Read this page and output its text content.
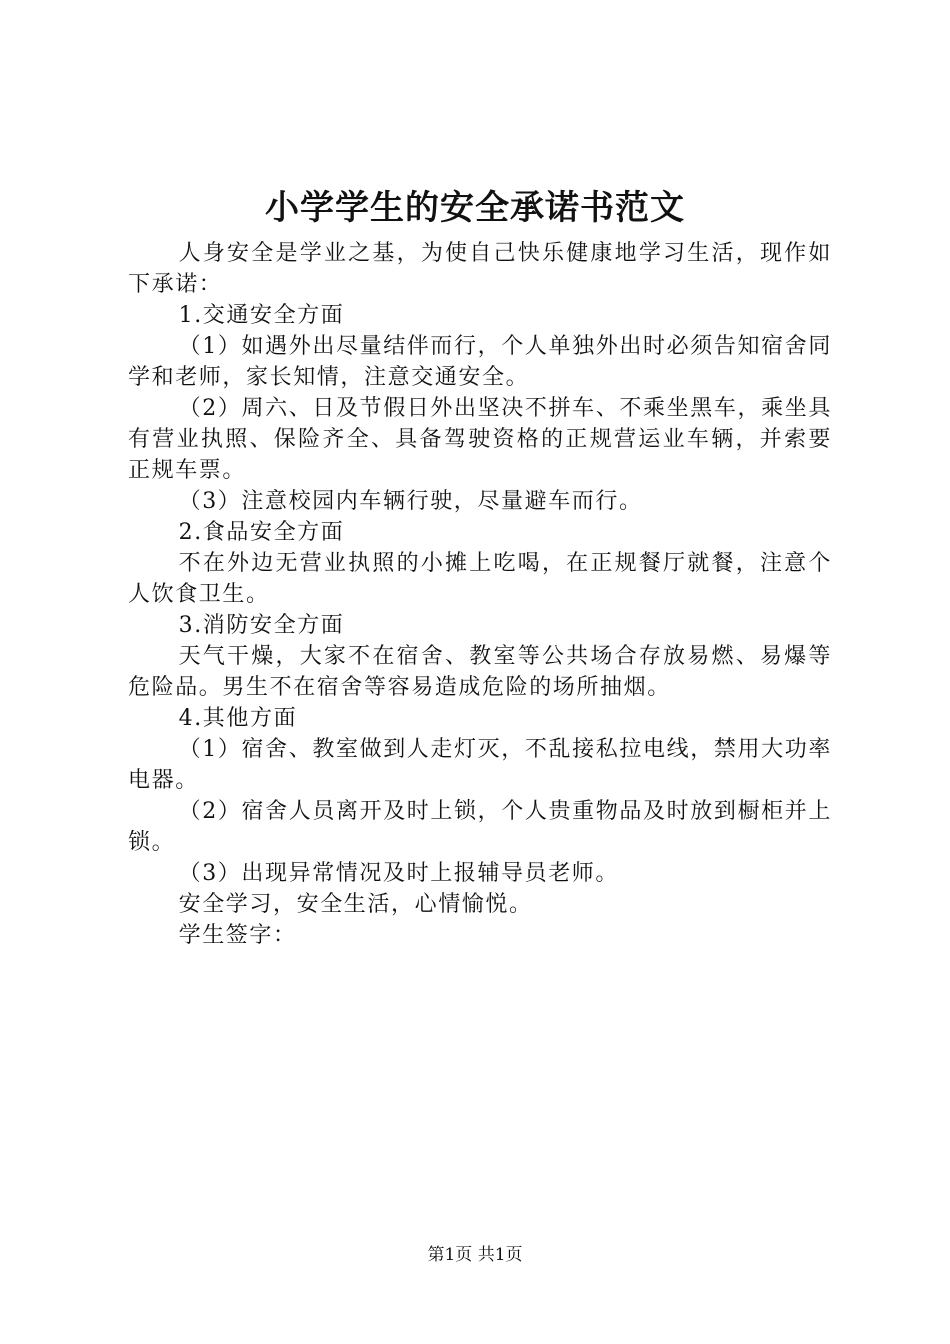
小学学生的安全承诺书范文

人身安全是学业之基，为使自己快乐健康地学习生活，现作如下承诺：

1.交通安全方面

（1）如遇外出尽量结伴而行，个人单独外出时必须告知宿舍同学和老师，家长知情，注意交通安全。

（2）周六、日及节假日外出坚决不拼车、不乘坐黑车，乘坐具有营业执照、保险齐全、具备驾驶资格的正规营运业车辆，并索要正规车票。

（3）注意校园内车辆行驶，尽量避车而行。

2.食品安全方面

不在外边无营业执照的小摊上吃喝，在正规餐厅就餐，注意个人饮食卫生。

3.消防安全方面

天气干燥，大家不在宿舍、教室等公共场合存放易燃、易爆等危险品。男生不在宿舍等容易造成危险的场所抽烟。

4.其他方面

（1）宿舍、教室做到人走灯灭，不乱接私拉电线，禁用大功率电器。

（2）宿舍人员离开及时上锁，个人贵重物品及时放到橱柜并上锁。

（3）出现异常情况及时上报辅导员老师。

安全学习，安全生活，心情愉悦。

学生签字：

第1页 共1页
